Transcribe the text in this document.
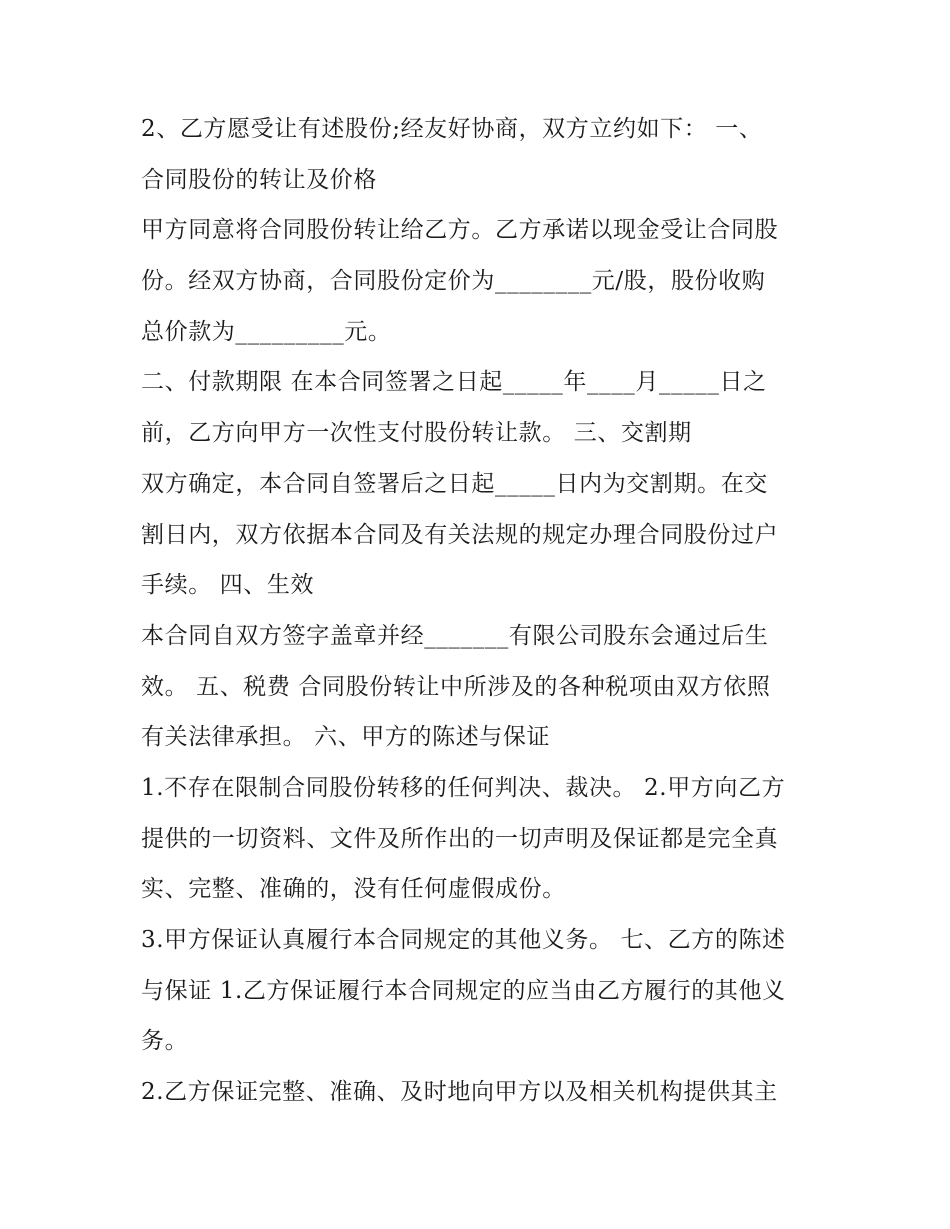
2、乙方愿受让有述股份;经友好协商，双方立约如下： 一、
合同股份的转让及价格
甲方同意将合同股份转让给乙方。乙方承诺以现金受让合同股
份。经双方协商，合同股份定价为________元/股，股份收购
总价款为_________元。
二、付款期限 在本合同签署之日起_____年____月_____日之
前，乙方向甲方一次性支付股份转让款。 三、交割期
双方确定，本合同自签署后之日起_____日内为交割期。在交
割日内，双方依据本合同及有关法规的规定办理合同股份过户
手续。 四、生效
本合同自双方签字盖章并经_______有限公司股东会通过后生
效。 五、税费 合同股份转让中所涉及的各种税项由双方依照
有关法律承担。 六、甲方的陈述与保证
1.不存在限制合同股份转移的任何判决、裁决。 2.甲方向乙方
提供的一切资料、文件及所作出的一切声明及保证都是完全真
实、完整、准确的，没有任何虚假成份。
3.甲方保证认真履行本合同规定的其他义务。 七、乙方的陈述
与保证 1.乙方保证履行本合同规定的应当由乙方履行的其他义
务。
2.乙方保证完整、准确、及时地向甲方以及相关机构提供其主
